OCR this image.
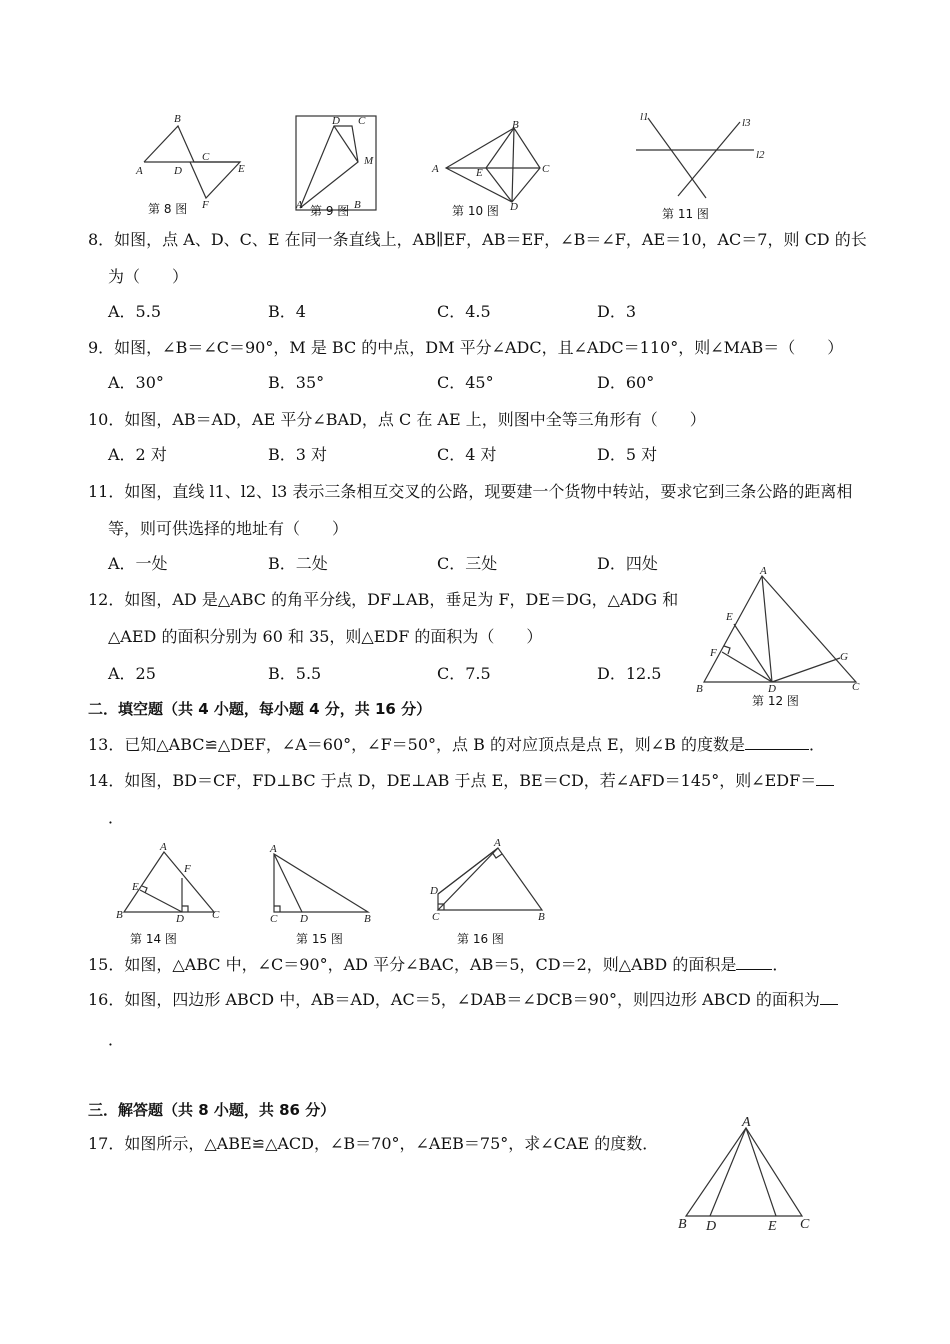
B
A	D
C
E
F
第 8 图
D C
M
A	B
第 9 图
B
A	E	C
D
第 10 图
l1	l3
l2
第 11 图
8．如图，点 A、D、C、E 在同一条直线上，AB∥EF，AB＝EF，∠B＝∠F，AE＝10，AC＝7，则 CD 的长
为（　　）
A．5.5	B．4	C．4.5	D．3
9．如图，∠B＝∠C＝90°，M 是 BC 的中点，DM 平分∠ADC，且∠ADC＝110°，则∠MAB＝（　　）
A．30°	B．35°	C．45°	D．60°
10．如图，AB＝AD，AE 平分∠BAD，点 C 在 AE 上，则图中全等三角形有（　　）
A．2 对	B．3 对	C．4 对	D．5 对
11．如图，直线 l1、l2、l3 表示三条相互交叉的公路，现要建一个货物中转站，要求它到三条公路的距离相
等，则可供选择的地址有（　　）
A．一处	B．二处	C．三处	D．四处
12．如图，AD 是△ABC 的角平分线，DF⊥AB，垂足为 F，DE＝DG，△ADG 和
△AED 的面积分别为 60 和 35，则△EDF 的面积为（　　）
A．25	B．5.5	C．7.5	D．12.5
A
E
F	G
B	D	C
第 12 图
二．填空题（共 4 小题，每小题 4 分，共 16 分）
13．已知△ABC≌△DEF，∠A＝60°，∠F＝50°，点 B 的对应顶点是点 E，则∠B 的度数是	．
14．如图，BD＝CF，FD⊥BC 于点 D，DE⊥AB 于点 E，BE＝CD，若∠AFD＝145°，则∠EDF＝
．
A
F
E
B	D	C
第 14 图
A
C D	B
第 15 图
A
D
C	B
第 16 图
15．如图，△ABC 中，∠C＝90°，AD 平分∠BAC，AB＝5，CD＝2，则△ABD 的面积是 ．
16．如图，四边形 ABCD 中，AB＝AD，AC＝5，∠DAB＝∠DCB＝90°，则四边形 ABCD 的面积为
．
三．解答题（共 8 小题，共 86 分）
17．如图所示，△ABE≌△ACD，∠B＝70°，∠AEB＝75°，求∠CAE 的度数．
A
B D	E C
